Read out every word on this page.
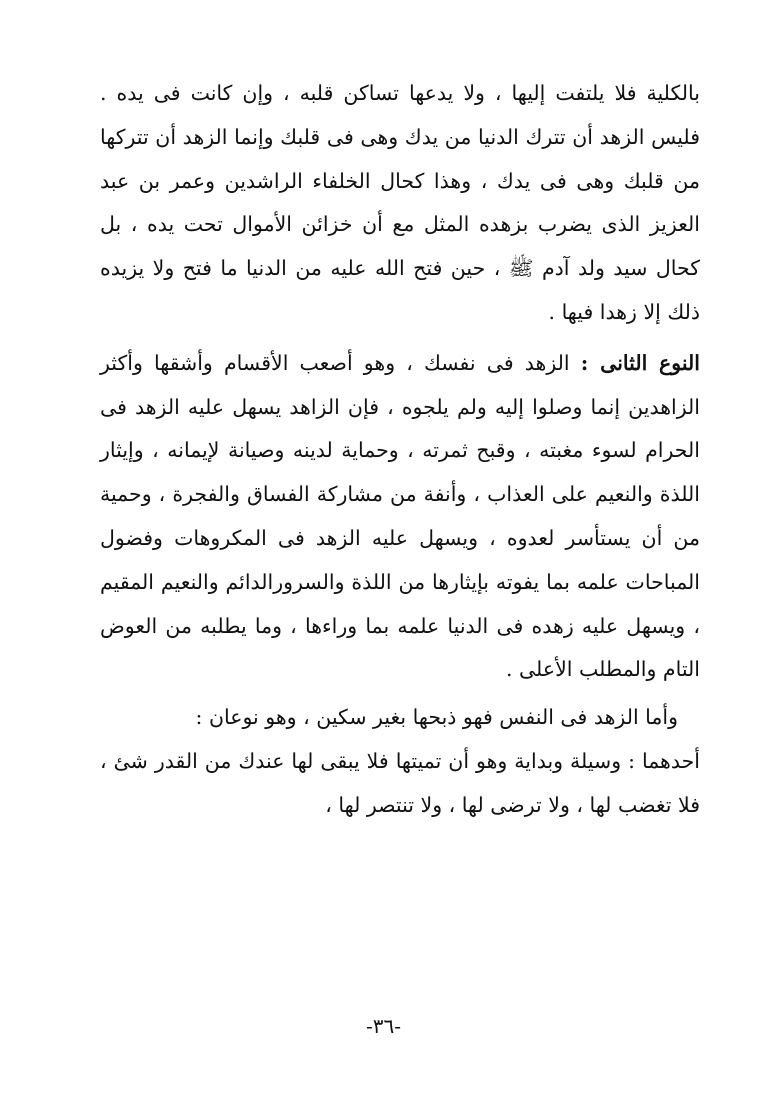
بالكلية فلا يلتفت إليها ، ولا يدعها تساكن قلبه ، وإن كانت فى يده . فليس الزهد أن تترك الدنيا من يدك وهى فى قلبك وإنما الزهد أن تتركها من قلبك وهى فى يدك ، وهذا كحال الخلفاء الراشدين وعمر بن عبد العزيز الذى يضرب بزهده المثل مع أن خزائن الأموال تحت يده ، بل كحال سيد ولد آدم ﷺ ، حين فتح الله عليه من الدنيا ما فتح ولا يزيده ذلك إلا زهدا فيها .

النوع الثانى : الزهد فى نفسك ، وهو أصعب الأقسام وأشقها وأكثر الزاهدين إنما وصلوا إليه ولم يلجوه ، فإن الزاهد يسهل عليه الزهد فى الحرام لسوء مغبته ، وقبح ثمرته ، وحماية لدينه وصيانة لإيمانه ، وإيثار اللذة والنعيم على العذاب ، وأنفة من مشاركة الفساق والفجرة ، وحمية من أن يستأسر لعدوه ، ويسهل عليه الزهد فى المكروهات وفضول المباحات علمه بما يفوته بإيثارها من اللذة والسرورالدائم والنعيم المقيم ، ويسهل عليه زهده فى الدنيا علمه بما وراءها ، وما يطلبه من العوض التام والمطلب الأعلى .

وأما الزهد فى النفس فهو ذبحها بغير سكين ، وهو نوعان :

أحدهما : وسيلة وبداية وهو أن تميتها فلا يبقى لها عندك من القدر شئ ، فلا تغضب لها ، ولا ترضى لها ، ولا تنتصر لها ،

-٣٦-
